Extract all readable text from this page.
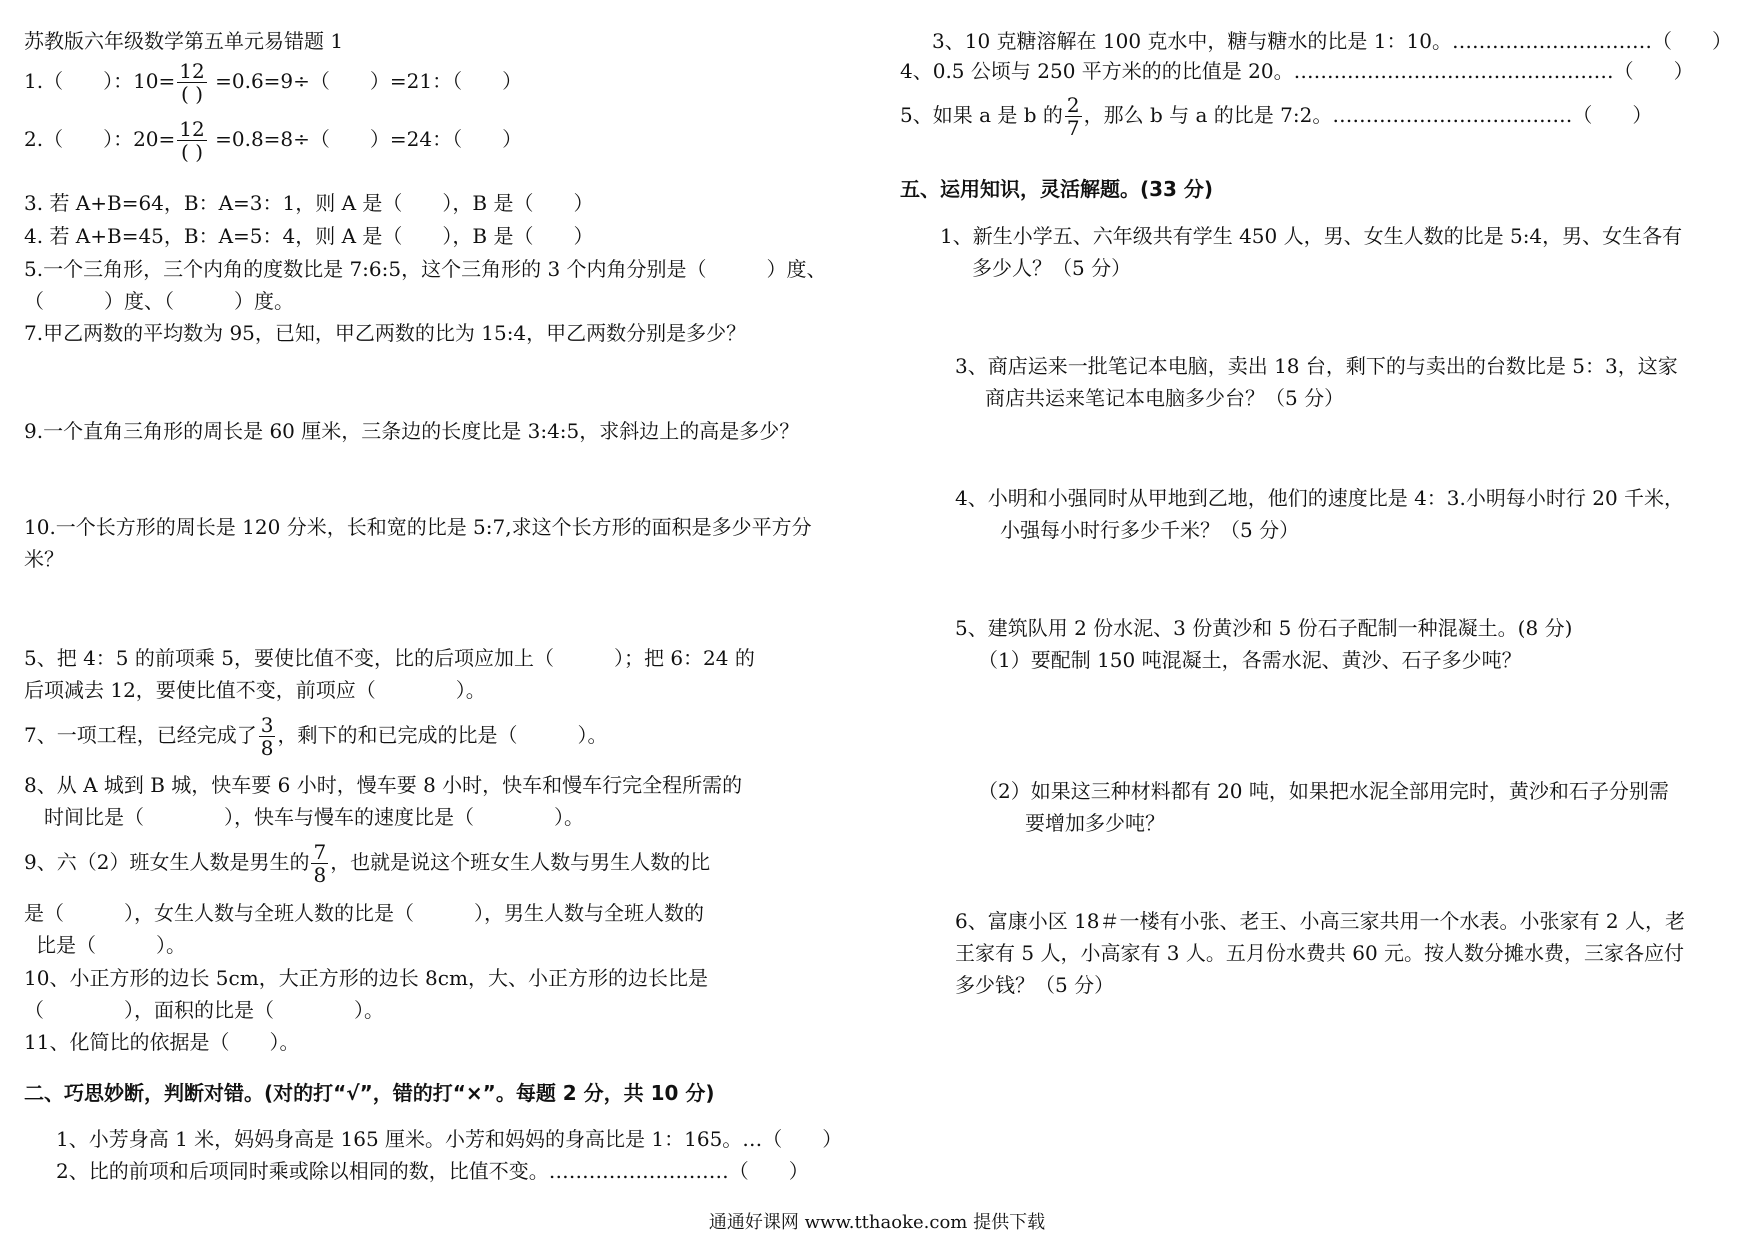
苏教版六年级数学第五单元易错题 1
1.（　　）：$10= \frac{12}{( )} =0.6=9\div$（　　）=21：（　　）
2.（　　）：$20= \frac{12}{( )} =0.8=8\div$（　　）=24：（　　）
3. 若 A+B=64，B：A=3：1，则 A 是（　　），B 是（　　）
4. 若 A+B=45，B：A=5：4，则 A 是（　　），B 是（　　）
5.一个三角形，三个内角的度数比是 7:6:5，这个三角形的 3 个内角分别是（　　　）度、
（　　　）度、（　　　）度。
7.甲乙两数的平均数为 95，已知，甲乙两数的比为 15:4，甲乙两数分别是多少？
9.一个直角三角形的周长是 60 厘米，三条边的长度比是 3:4:5，求斜边上的高是多少？
10.一个长方形的周长是 120 分米，长和宽的比是 5:7,求这个长方形的面积是多少平方分
米？
5、把 4：5 的前项乘 5，要使比值不变，比的后项应加上（　　　）；把 6：24 的
后项减去 12，要使比值不变，前项应（　　　　）。
7、一项工程，已经完成了 $\frac{3}{8}$ ，剩下的和已完成的比是（　　　）。
8、从 A 城到 B 城，快车要 6 小时，慢车要 8 小时，快车和慢车行完全程所需的
时间比是（　　　　），快车与慢车的速度比是（　　　　）。
9、六（2）班女生人数是男生的 $\frac{7}{8}$ ，也就是说这个班女生人数与男生人数的比
是（　　　），女生人数与全班人数的比是（　　　），男生人数与全班人数的
比是（　　　）。
10、小正方形的边长 5cm，大正方形的边长 8cm，大、小正方形的边长比是
（　　　　），面积的比是（　　　　）。
11、化简比的依据是（　　）。
二、巧思妙断，判断对错。(对的打“√”，错的打“×”。每题 2 分，共 10 分)
1、小芳身高 1 米，妈妈身高是 165 厘米。小芳和妈妈的身高比是 1：165。…（　　）
2、比的前项和后项同时乘或除以相同的数，比值不变。………………………（　　）
3、10 克糖溶解在 100 克水中，糖与糖水的比是 1：10。…………………………（　　）
4、0.5 公顷与 250 平方米的的比值是 20。…………………………………………（　　）
5、如果 a 是 b 的 $\frac{2}{7}$ ，那么 b 与 a 的比是 7:2。………………………………（　　）
五、运用知识，灵活解题。(33 分)
1、新生小学五、六年级共有学生 450 人，男、女生人数的比是 5:4，男、女生各有
多少人？（5 分）
3、商店运来一批笔记本电脑，卖出 18 台，剩下的与卖出的台数比是 5：3，这家
商店共运来笔记本电脑多少台？（5 分）
4、小明和小强同时从甲地到乙地，他们的速度比是 4：3.小明每小时行 20 千米，
小强每小时行多少千米？（5 分）
5、建筑队用 2 份水泥、3 份黄沙和 5 份石子配制一种混凝土。(8 分)
（1）要配制 150 吨混凝土，各需水泥、黄沙、石子多少吨？
（2）如果这三种材料都有 20 吨，如果把水泥全部用完时，黄沙和石子分别需
要增加多少吨？
6、富康小区 18＃一楼有小张、老王、小高三家共用一个水表。小张家有 2 人，老
王家有 5 人，小高家有 3 人。五月份水费共 60 元。按人数分摊水费，三家各应付
多少钱？（5 分）
通通好课网 www.tthaoke.com 提供下载
